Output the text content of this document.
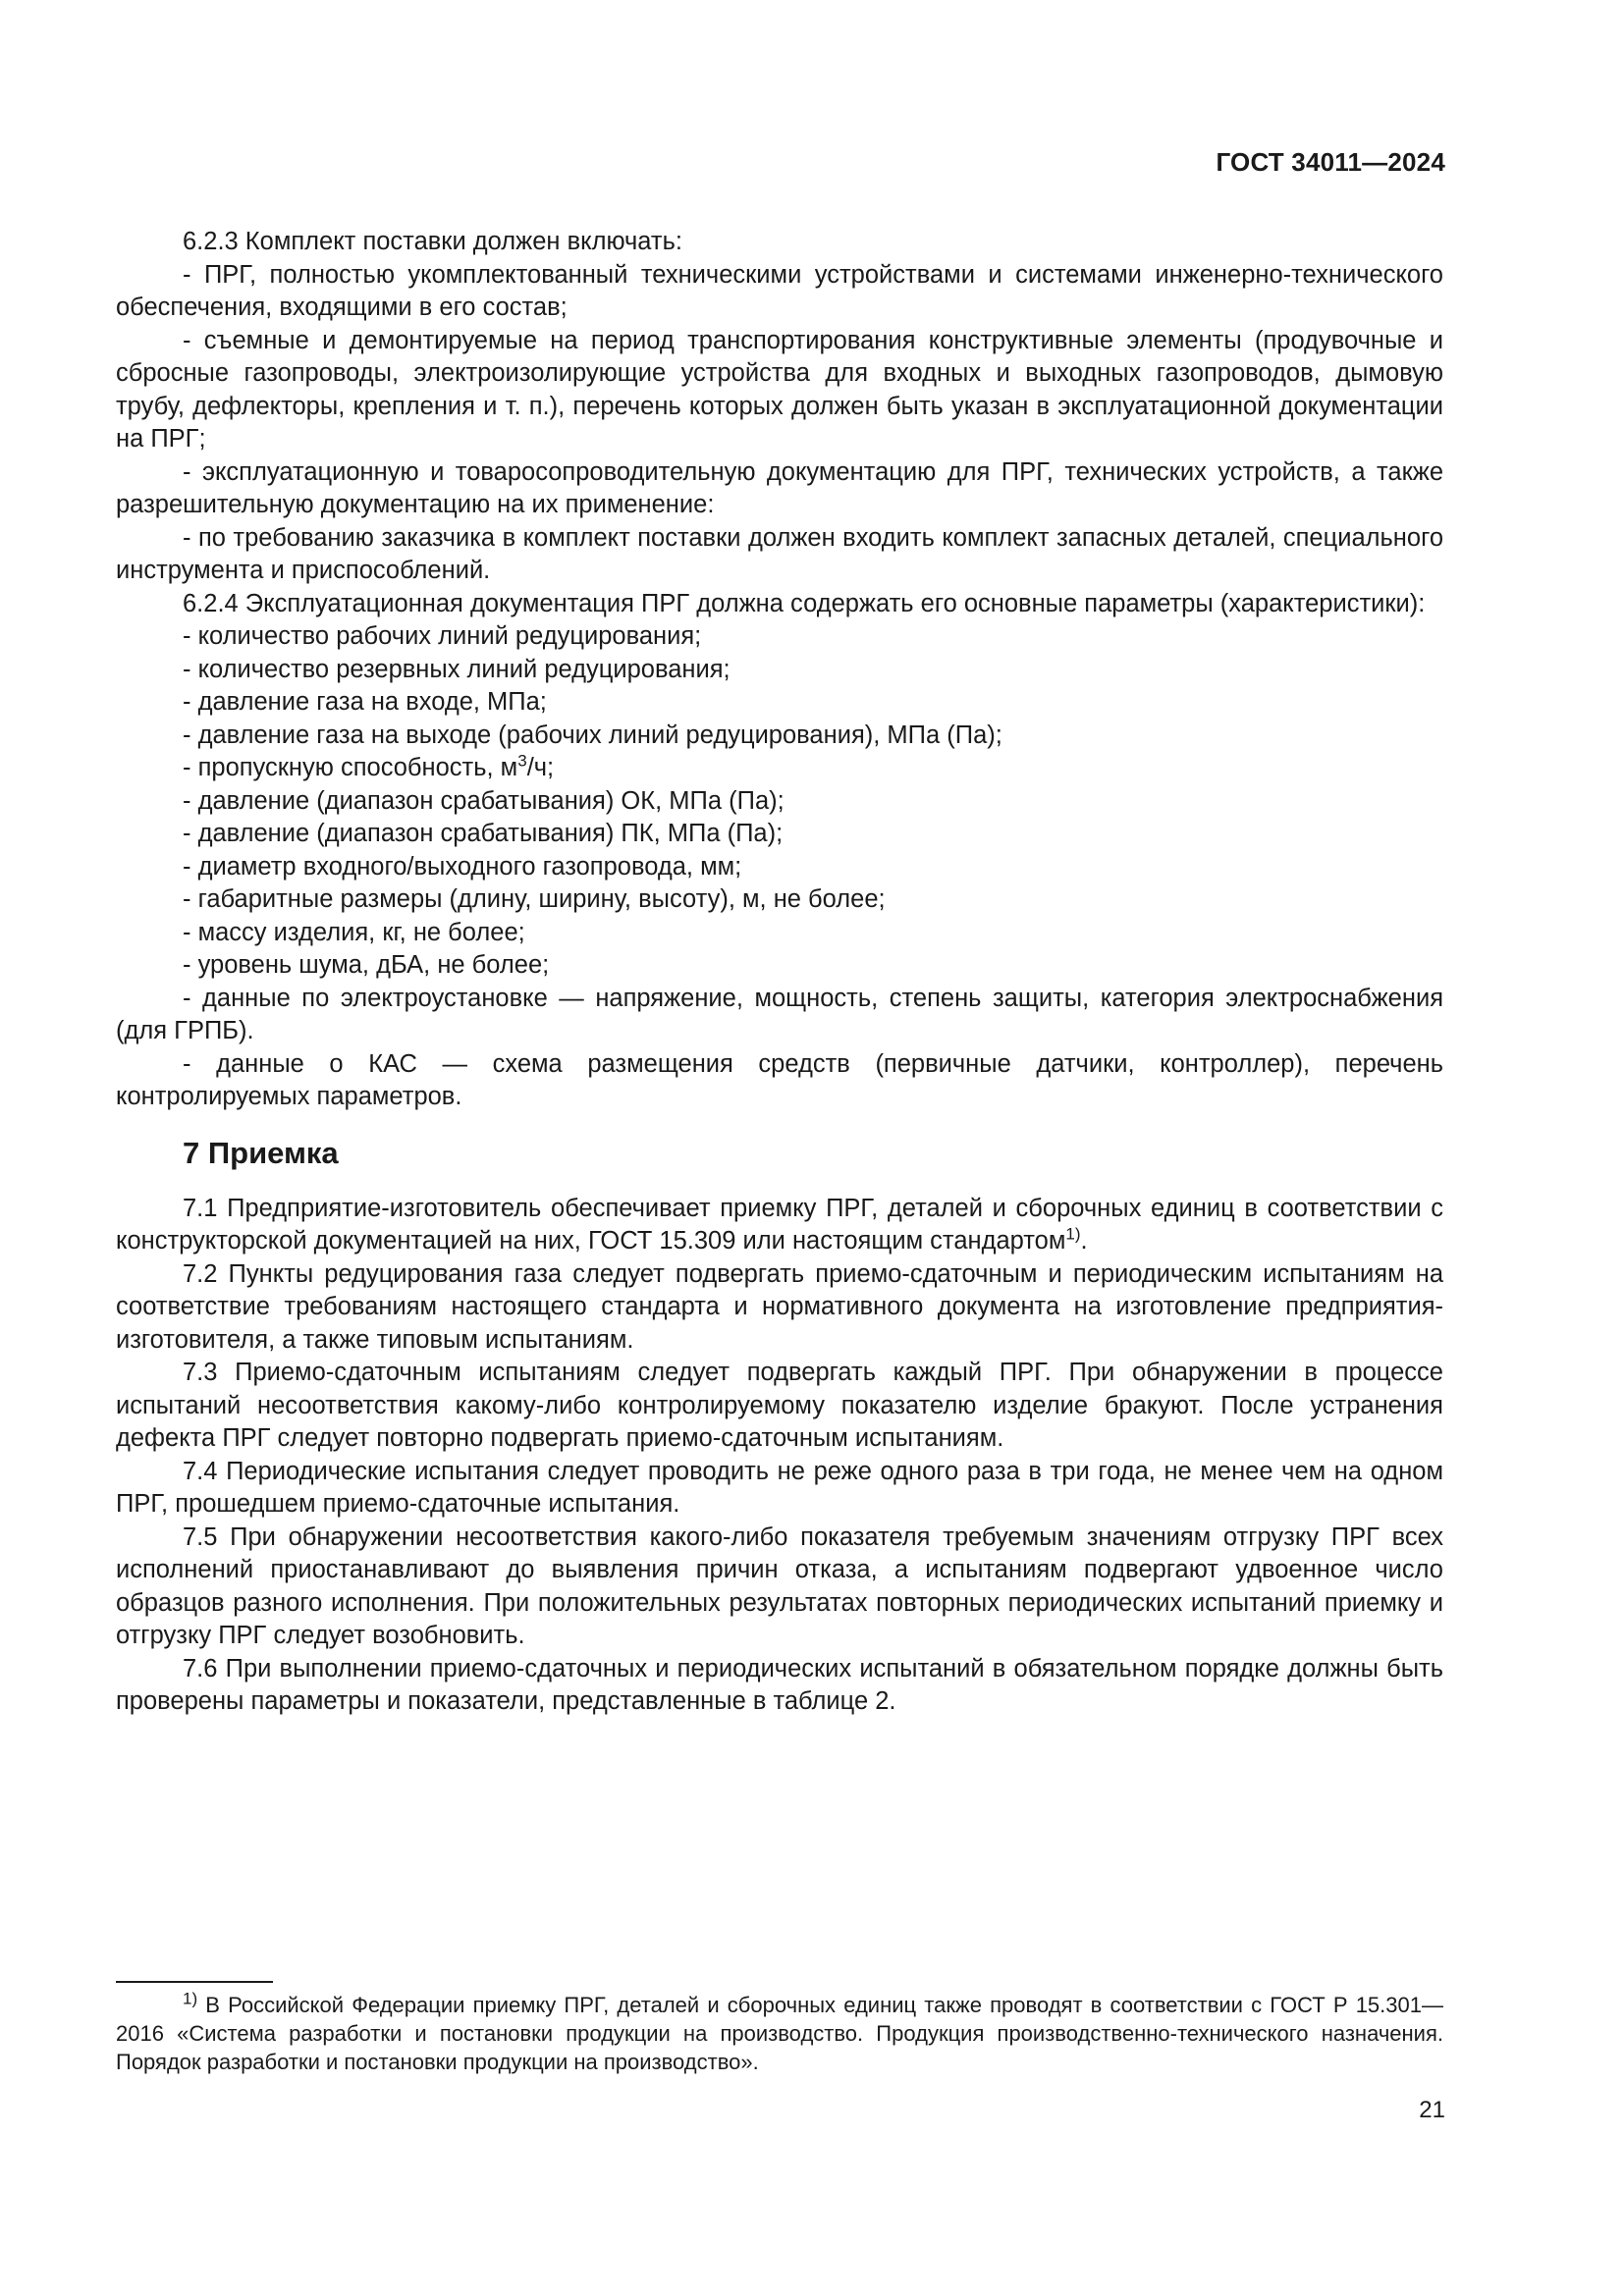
ГОСТ 34011—2024

6.2.3 Комплект поставки должен включать:

- ПРГ, полностью укомплектованный техническими устройствами и системами инженерно-технического обеспечения, входящими в его состав;

- съемные и демонтируемые на период транспортирования конструктивные элементы (продувочные и сбросные газопроводы, электроизолирующие устройства для входных и выходных газопроводов, дымовую трубу, дефлекторы, крепления и т. п.), перечень которых должен быть указан в эксплуатационной документации на ПРГ;

- эксплуатационную и товаросопроводительную документацию для ПРГ, технических устройств, а также разрешительную документацию на их применение:

- по требованию заказчика в комплект поставки должен входить комплект запасных деталей, специального инструмента и приспособлений.

6.2.4 Эксплуатационная документация ПРГ должна содержать его основные параметры (характеристики):

- количество рабочих линий редуцирования;

- количество резервных линий редуцирования;

- давление газа на входе, МПа;

- давление газа на выходе (рабочих линий редуцирования), МПа (Па);

- пропускную способность, $м^3/ч$;

- давление (диапазон срабатывания) ОК, МПа (Па);

- давление (диапазон срабатывания) ПК, МПа (Па);

- диаметр входного/выходного газопровода, мм;

- габаритные размеры (длину, ширину, высоту), м, не более;

- массу изделия, кг, не более;

- уровень шума, дБА, не более;

- данные по электроустановке — напряжение, мощность, степень защиты, категория электроснабжения (для ГРПБ).

- данные о КАС — схема размещения средств (первичные датчики, контроллер), перечень контролируемых параметров.

7 Приемка

7.1 Предприятие-изготовитель обеспечивает приемку ПРГ, деталей и сборочных единиц в соответствии с конструкторской документацией на них, ГОСТ 15.309 или настоящим стандартом$^{1)}$.

7.2 Пункты редуцирования газа следует подвергать приемо-сдаточным и периодическим испытаниям на соответствие требованиям настоящего стандарта и нормативного документа на изготовление предприятия-изготовителя, а также типовым испытаниям.

7.3 Приемо-сдаточным испытаниям следует подвергать каждый ПРГ. При обнаружении в процессе испытаний несоответствия какому-либо контролируемому показателю изделие бракуют. После устранения дефекта ПРГ следует повторно подвергать приемо-сдаточным испытаниям.

7.4 Периодические испытания следует проводить не реже одного раза в три года, не менее чем на одном ПРГ, прошедшем приемо-сдаточные испытания.

7.5 При обнаружении несоответствия какого-либо показателя требуемым значениям отгрузку ПРГ всех исполнений приостанавливают до выявления причин отказа, а испытаниям подвергают удвоенное число образцов разного исполнения. При положительных результатах повторных периодических испытаний приемку и отгрузку ПРГ следует возобновить.

7.6 При выполнении приемо-сдаточных и периодических испытаний в обязательном порядке должны быть проверены параметры и показатели, представленные в таблице 2.

$^{1)}$ В Российской Федерации приемку ПРГ, деталей и сборочных единиц также проводят в соответствии с ГОСТ Р 15.301—2016 «Система разработки и постановки продукции на производство. Продукция производственно-технического назначения. Порядок разработки и постановки продукции на производство».

21
